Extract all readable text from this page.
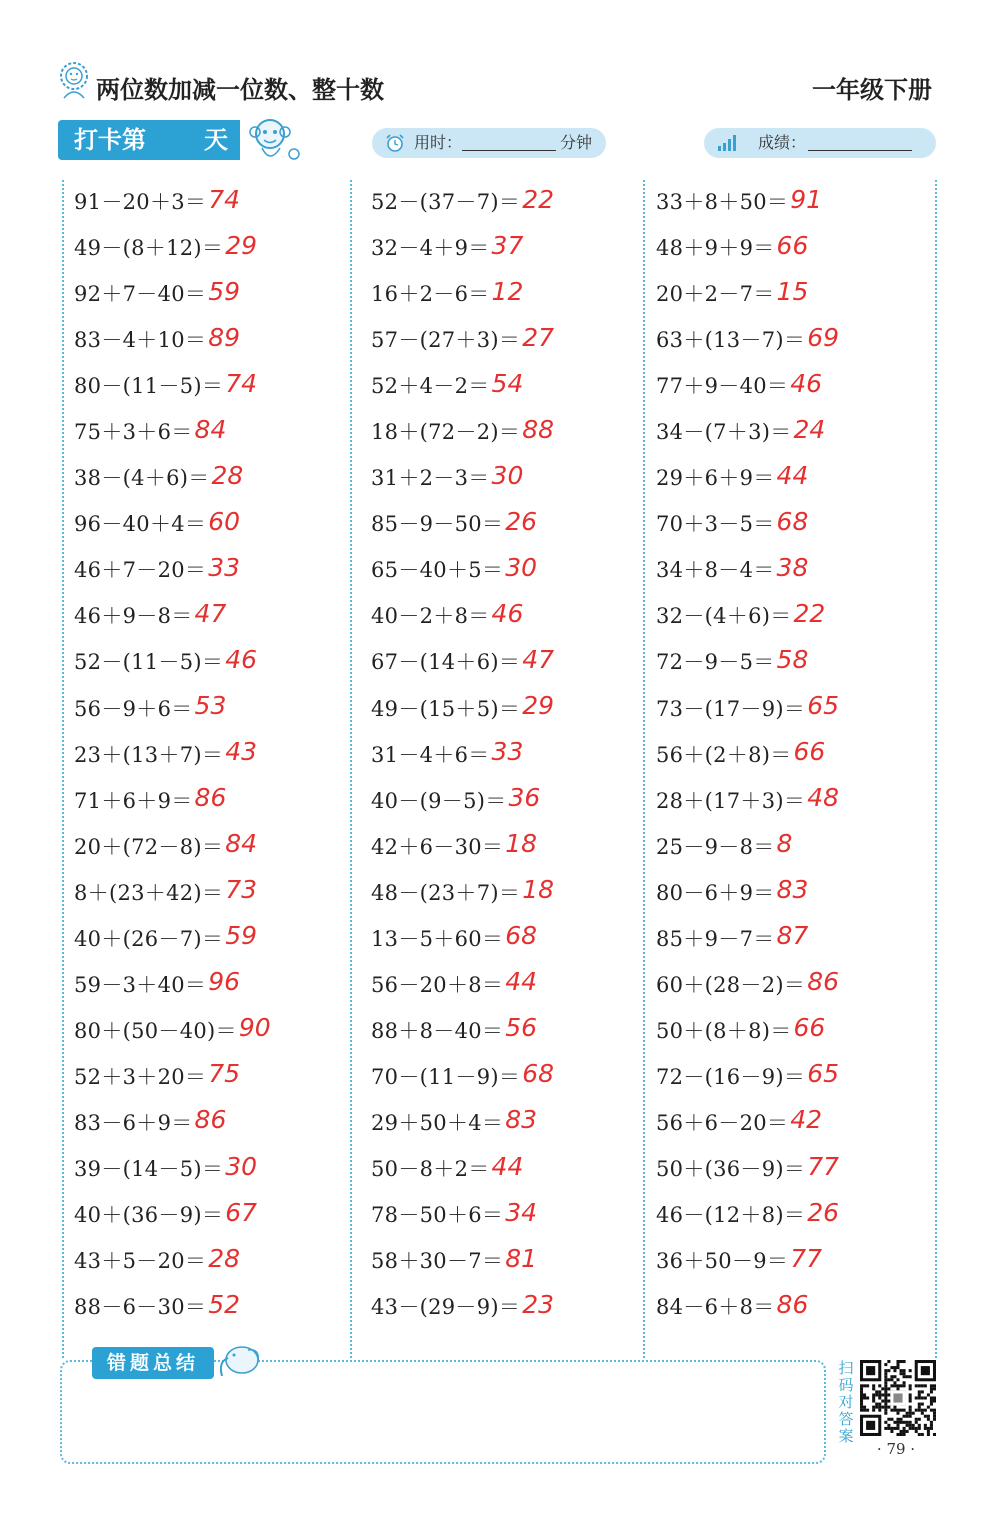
两位数加减一位数、整十数	一年级下册
打卡第 天	用时：	分钟	成绩：
91－20＋3＝ 74
49－(8＋12)＝ 29
92＋7－40＝ 59
83－4＋10＝ 89
80－(11－5)＝ 74
75＋3＋6＝ 84
38－(4＋6)＝ 28
96－40＋4＝ 60
46＋7－20＝ 33
46＋9－8＝ 47
52－(11－5)＝ 46
56－9＋6＝ 53
23＋(13＋7)＝ 43
71＋6＋9＝ 86
20＋(72－8)＝ 84
8＋(23＋42)＝ 73
40＋(26－7)＝ 59
59－3＋40＝ 96
80＋(50－40)＝ 90
52＋3＋20＝ 75
83－6＋9＝ 86
39－(14－5)＝ 30
40＋(36－9)＝ 67
43＋5－20＝ 28
88－6－30＝ 52
52－(37－7)＝ 22
32－4＋9＝ 37
16＋2－6＝ 12
57－(27＋3)＝ 27
52＋4－2＝ 54
18＋(72－2)＝ 88
31＋2－3＝ 30
85－9－50＝ 26
65－40＋5＝ 30
40－2＋8＝ 46
67－(14＋6)＝ 47
49－(15＋5)＝ 29
31－4＋6＝ 33
40－(9－5)＝ 36
42＋6－30＝ 18
48－(23＋7)＝ 18
13－5＋60＝ 68
56－20＋8＝ 44
88＋8－40＝ 56
70－(11－9)＝ 68
29＋50＋4＝ 83
50－8＋2＝ 44
78－50＋6＝ 34
58＋30－7＝ 81
43－(29－9)＝ 23
33＋8＋50＝ 91
48＋9＋9＝ 66
20＋2－7＝ 15
63＋(13－7)＝ 69
77＋9－40＝ 46
34－(7＋3)＝ 24
29＋6＋9＝ 44
70＋3－5＝ 68
34＋8－4＝ 38
32－(4＋6)＝ 22
72－9－5＝ 58
73－(17－9)＝ 65
56＋(2＋8)＝ 66
28＋(17＋3)＝ 48
25－9－8＝ 8
80－6＋9＝ 83
85＋9－7＝ 87
60＋(28－2)＝ 86
50＋(8＋8)＝ 66
72－(16－9)＝ 65
56＋6－20＝ 42
50＋(36－9)＝ 77
46－(12＋8)＝ 26
36＋50－9＝ 77
84－6＋8＝ 86
错题总结	扫码对答案
· 79 ·
